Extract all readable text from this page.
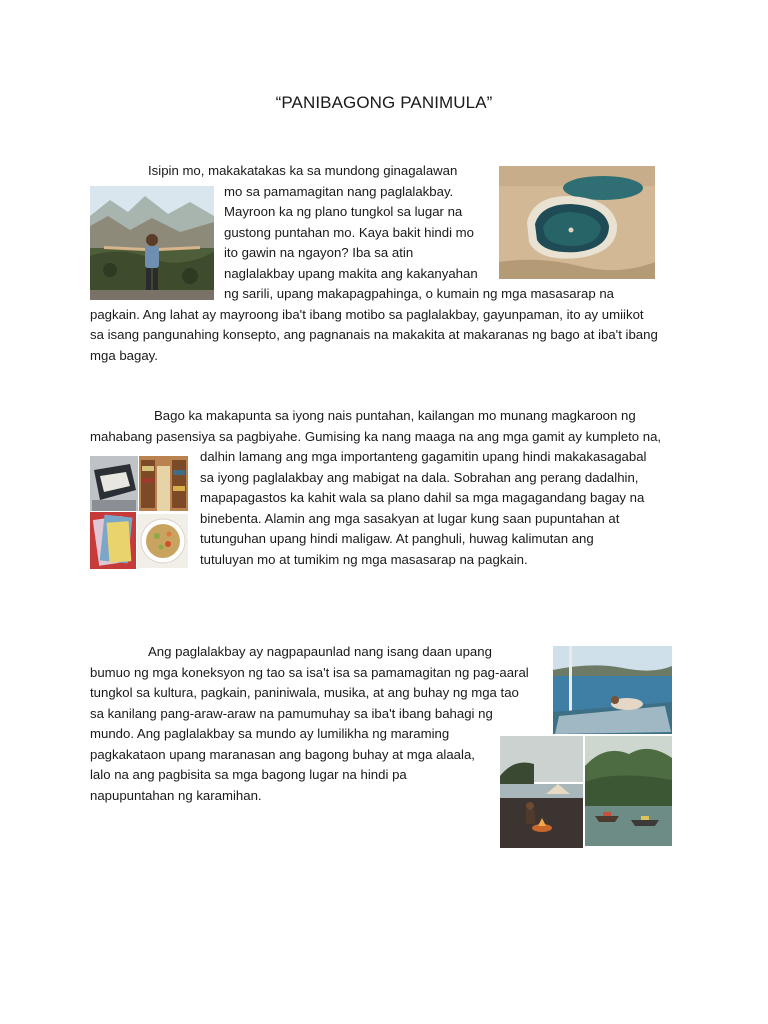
“PANIBAGONG PANIMULA”
Isipin mo, makakatakas ka sa mundong ginagalawan
mo sa pamamagitan nang paglalakbay.
Mayroon ka ng plano tungkol sa lugar na
gustong puntahan mo. Kaya bakit hindi mo
ito gawin na ngayon? Iba sa atin
naglalakbay upang makita ang kakanyahan
ng sarili, upang makapagpahinga, o kumain ng mga masasarap na
pagkain. Ang lahat ay mayroong iba't ibang motibo sa paglalakbay, gayunpaman, ito ay umiikot
sa isang pangunahing konsepto, ang pagnanais na makakita at makaranas ng bago at iba't ibang
mga bagay.
Bago ka makapunta sa iyong nais puntahan, kailangan mo munang magkaroon ng
mahabang pasensiya sa pagbiyahe. Gumising ka nang maaga na ang mga gamit ay kumpleto na,
dalhin lamang ang mga importanteng gagamitin upang hindi makakasagabal
sa iyong paglalakbay ang mabigat na dala. Sobrahan ang perang dadalhin,
mapapagastos ka kahit wala sa plano dahil sa mga magagandang bagay na
binebenta. Alamin ang mga sasakyan at lugar kung saan pupuntahan at
tutunguhan upang hindi maligaw. At panghuli, huwag kalimutan ang
tutuluyan mo at tumikim ng mga masasarap na pagkain.
Ang paglalakbay ay nagpapaunlad nang isang daan upang
bumuo ng mga koneksyon ng tao sa isa't isa sa pamamagitan ng pag-aaral
tungkol sa kultura, pagkain, paniniwala, musika, at ang buhay ng mga tao
sa kanilang pang-araw-araw na pamumuhay sa iba't ibang bahagi ng
mundo. Ang paglalakbay sa mundo ay lumilikha ng maraming
pagkakataon upang maranasan ang bagong buhay at mga alaala,
lalo na ang pagbisita sa mga bagong lugar na hindi pa
napupuntahan ng karamihan.
